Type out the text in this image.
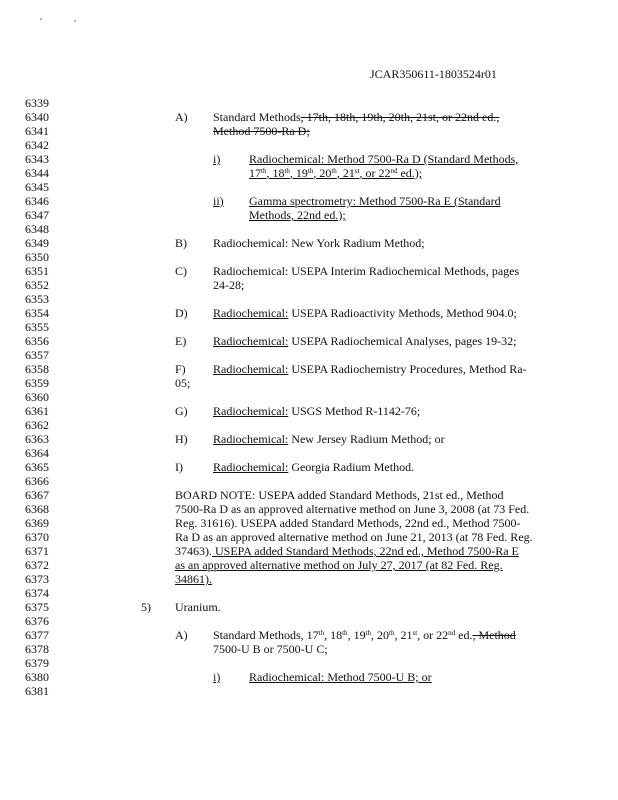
JCAR350611-1803524r01
6339
6340
6341
6342
6343
6344
6345
6346
6347
6348
6349
6350
6351
6352
6353
6354
6355
6356
6357
6358
6359
6360
6361
6362
6363
6364
6365
6366
6367
6368
6369
6370
6371
6372
6373
6374
6375
6376
6377
6378
6379
6380
6381
A) Standard Methods, 17th, 18th, 19th, 20th, 21st, or 22nd ed.,
Method 7500-Ra D;
i) Radiochemical: Method 7500-Ra D (Standard Methods,
17th, 18th, 19th, 20th, 21st, or 22nd ed.);
ii) Gamma spectrometry: Method 7500-Ra E (Standard
Methods, 22nd ed.);
B) Radiochemical: New York Radium Method;
C) Radiochemical: USEPA Interim Radiochemical Methods, pages
24-28;
D) Radiochemical: USEPA Radioactivity Methods, Method 904.0;
E) Radiochemical: USEPA Radiochemical Analyses, pages 19-32;
F) Radiochemical: USEPA Radiochemistry Procedures, Method Ra-
05;
G) Radiochemical: USGS Method R-1142-76;
H) Radiochemical: New Jersey Radium Method; or
I)	Radiochemical: Georgia Radium Method.
BOARD NOTE: USEPA added Standard Methods, 21st ed., Method
7500-Ra D as an approved alternative method on June 3, 2008 (at 73 Fed.
Reg. 31616). USEPA added Standard Methods, 22nd ed., Method 7500-
Ra D as an approved alternative method on June 21, 2013 (at 78 Fed. Reg.
37463). USEPA added Standard Methods, 22nd ed., Method 7500-Ra E
as an approved alternative method on July 27, 2017 (at 82 Fed. Reg.
34861).
5) Uranium.
A) Standard Methods, 17th, 18th, 19th, 20th, 21st, or 22nd ed., Method
7500-U B or 7500-U C;
i) Radiochemical: Method 7500-U B; or
